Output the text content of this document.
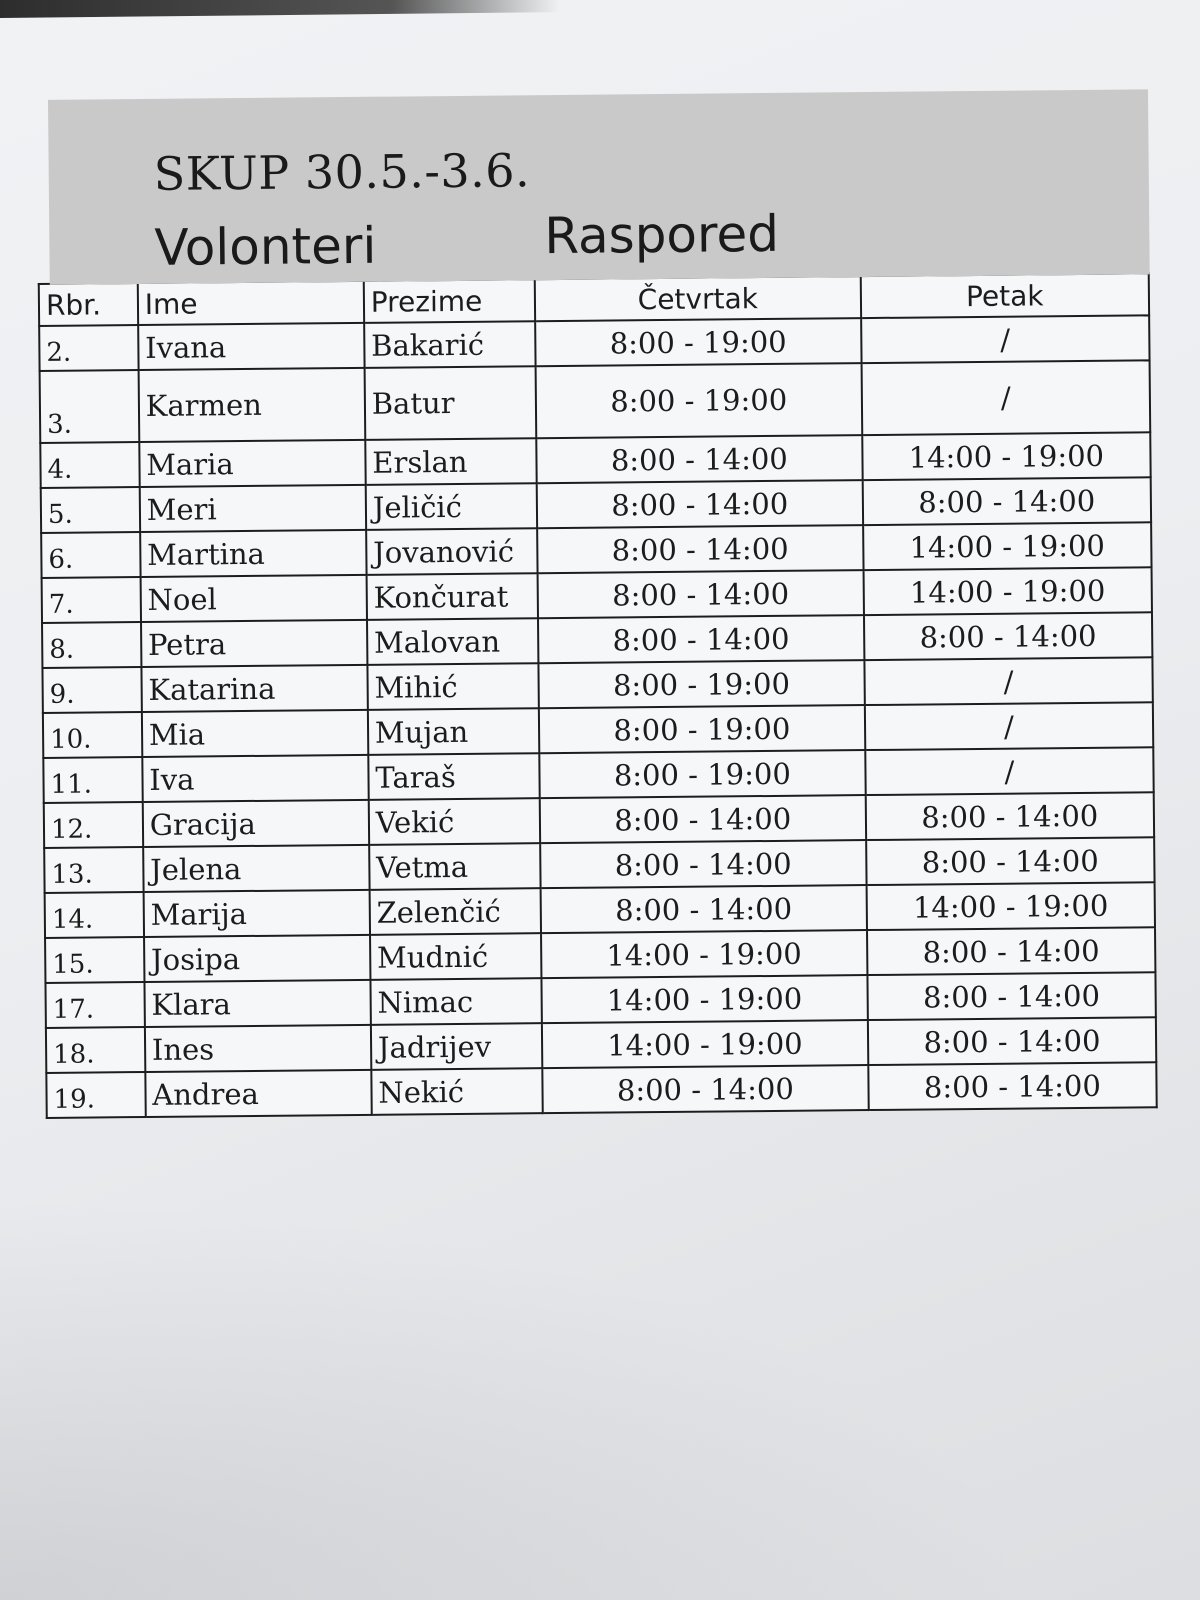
SKUP 30.5.-3.6.
Volonteri	Raspored
Rbr.	Ime	Prezime	Četvrtak	Petak
2.	Ivana	Bakarić	8:00 - 19:00	/
3.	Karmen	Batur	8:00 - 19:00	/
4.	Maria	Erslan	8:00 - 14:00	14:00 - 19:00
5.	Meri	Jeličić	8:00 - 14:00	8:00 - 14:00
6.	Martina	Jovanović	8:00 - 14:00	14:00 - 19:00
7.	Noel	Končurat	8:00 - 14:00	14:00 - 19:00
8.	Petra	Malovan	8:00 - 14:00	8:00 - 14:00
9.	Katarina	Mihić	8:00 - 19:00	/
10.	Mia	Mujan	8:00 - 19:00	/
11.	Iva	Taraš	8:00 - 19:00	/
12.	Gracija	Vekić	8:00 - 14:00	8:00 - 14:00
13.	Jelena	Vetma	8:00 - 14:00	8:00 - 14:00
14.	Marija	Zelenčić	8:00 - 14:00	14:00 - 19:00
15.	Josipa	Mudnić	14:00 - 19:00	8:00 - 14:00
17.	Klara	Nimac	14:00 - 19:00	8:00 - 14:00
18.	Ines	Jadrijev	14:00 - 19:00	8:00 - 14:00
19.	Andrea	Nekić	8:00 - 14:00	8:00 - 14:00
